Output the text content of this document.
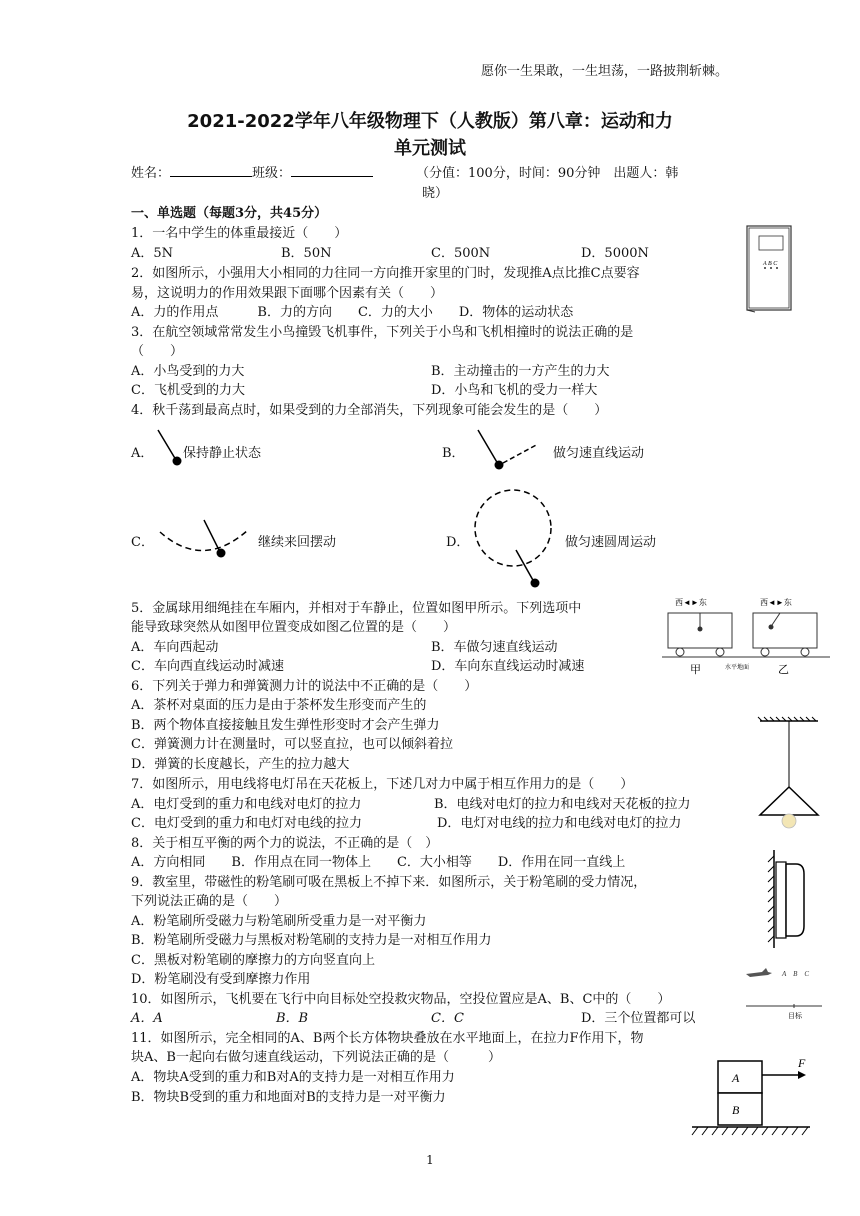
愿你一生果敢，一生坦荡，一路披荆斩棘。
2021-2022学年八年级物理下（人教版）第八章：运动和力
单元测试
姓名：	班级：	（分值：100分，时间：90分钟　出题人：韩
晓）
一、单选题（每题3分，共45分）
1．一名中学生的体重最接近（　　）
A．5N	B．50N	C．500N	D．5000N
A B C
2．如图所示，小强用大小相同的力往同一方向推开家里的门时，发现推A点比推C点要容
易，这说明力的作用效果跟下面哪个因素有关（　　）
A．力的作用点　　　B．力的方向　　C．力的大小　　D．物体的运动状态
3．在航空领域常常发生小鸟撞毁飞机事件，下列关于小鸟和飞机相撞时的说法正确的是
（　　）
A．小鸟受到的力大	B．主动撞击的一方产生的力大
C．飞机受到的力大	D．小鸟和飞机的受力一样大
4．秋千荡到最高点时，如果受到的力全部消失，下列现象可能会发生的是（　　）
A． 保持静止状态	B．	做匀速直线运动
C．	继续来回摆动	D．	做匀速圆周运动
5．金属球用细绳挂在车厢内，并相对于车静止，位置如图甲所示。下列选项中
能导致球突然从如图甲位置变成如图乙位置的是（　　）
A．车向西起动	B．车做匀速直线运动
C．车向西直线运动时减速	D．车向东直线运动时减速
西◄►东	西◄►东
甲	水平地面	乙
6．下列关于弹力和弹簧测力计的说法中不正确的是（　　）
A．茶杯对桌面的压力是由于茶杯发生形变而产生的
B．两个物体直接接触且发生弹性形变时才会产生弹力
C．弹簧测力计在测量时，可以竖直拉，也可以倾斜着拉
D．弹簧的长度越长，产生的拉力越大
7．如图所示，用电线将电灯吊在天花板上，下述几对力中属于相互作用力的是（　　）
A．电灯受到的重力和电线对电灯的拉力	B．电线对电灯的拉力和电线对天花板的拉力
C．电灯受到的重力和电灯对电线的拉力	D．电灯对电线的拉力和电线对电灯的拉力
8．关于相互平衡的两个力的说法，不正确的是（　）
A．方向相同　　B．作用点在同一物体上　　C．大小相等　　D．作用在同一直线上
9．教室里，带磁性的粉笔刷可吸在黑板上不掉下来．如图所示，关于粉笔刷的受力情况，
下列说法正确的是（　　）
A．粉笔刷所受磁力与粉笔刷所受重力是一对平衡力
B．粉笔刷所受磁力与黑板对粉笔刷的支持力是一对相互作用力
C．黑板对粉笔刷的摩擦力的方向竖直向上
D．粉笔刷没有受到摩擦力作用	A　B　C
目标
10．如图所示，飞机要在飞行中向目标处空投救灾物品，空投位置应是A、B、C中的（　　）
A．A	B．B	C．C	D．三个位置都可以
11．如图所示，完全相同的A、B两个长方体物块叠放在水平地面上，在拉力F作用下，物
块A、B一起向右做匀速直线运动，下列说法正确的是（　　　）
A．物块A受到的重力和B对A的支持力是一对相互作用力
B．物块B受到的重力和地面对B的支持力是一对平衡力
A
B
F
1
